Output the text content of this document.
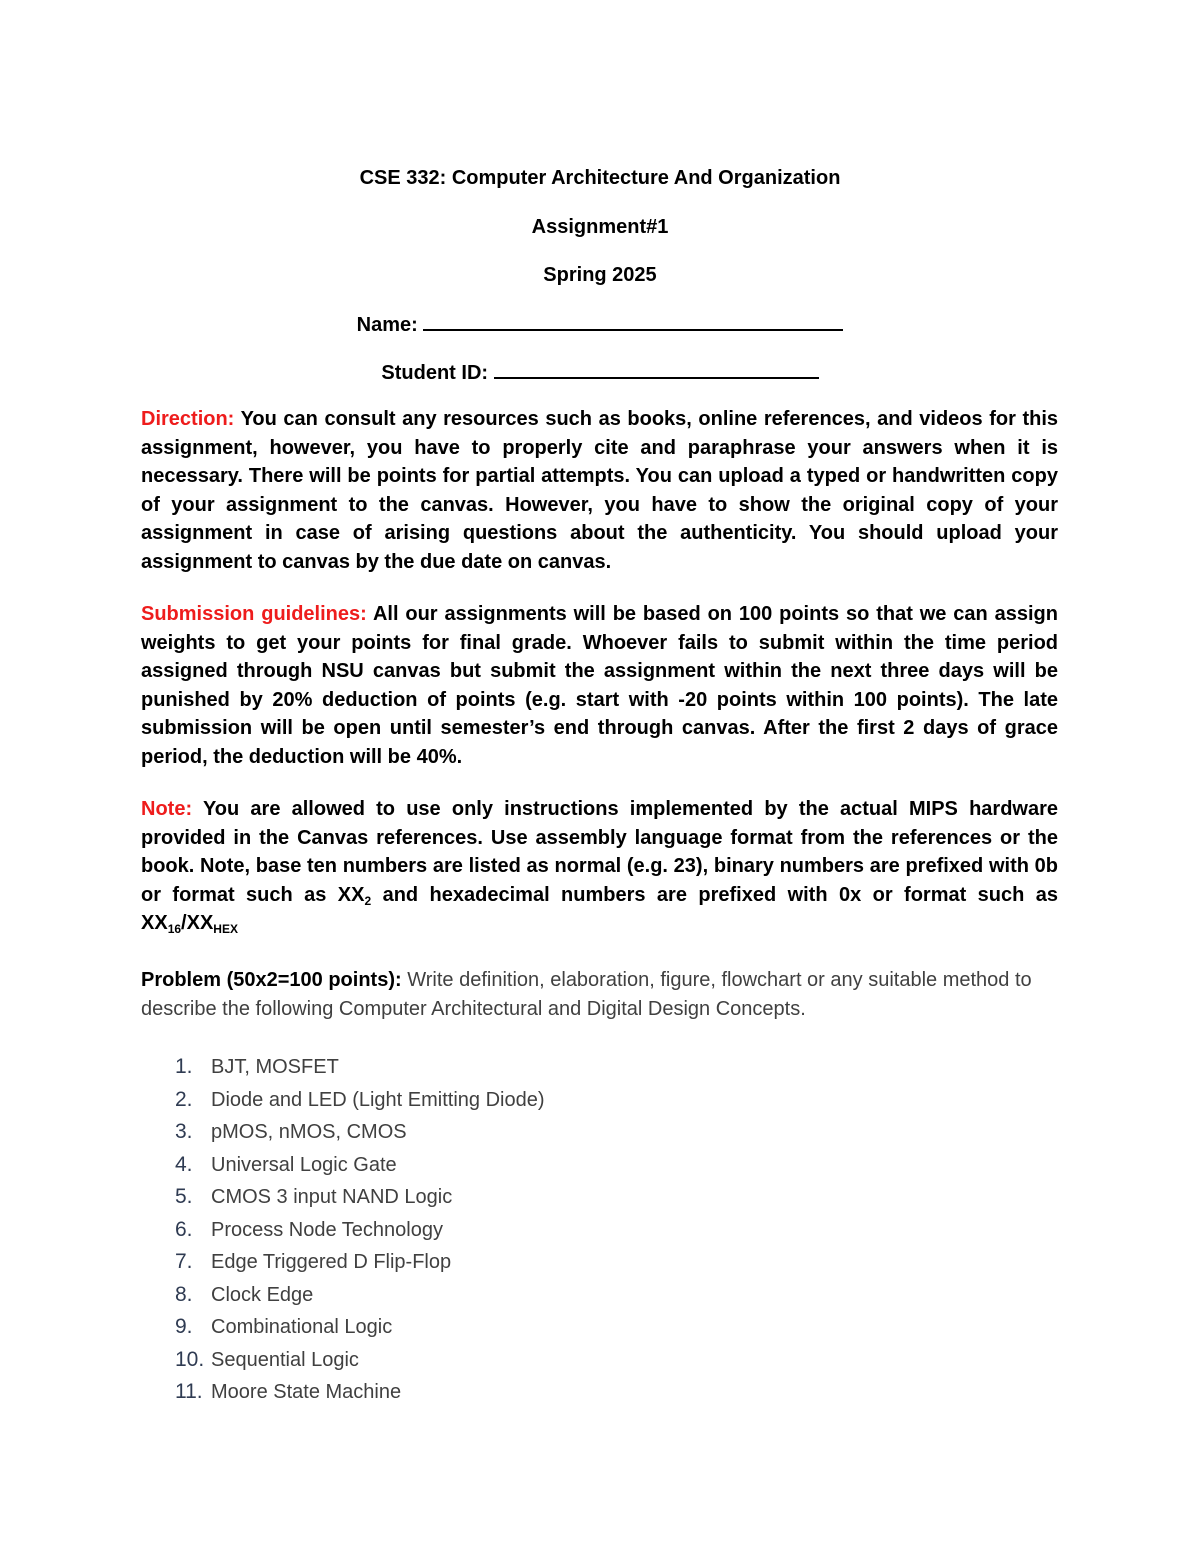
CSE 332: Computer Architecture And Organization
Assignment#1
Spring 2025
Name:
Student ID:
Direction: You can consult any resources such as books, online references, and videos for this assignment, however, you have to properly cite and paraphrase your answers when it is necessary. There will be points for partial attempts. You can upload a typed or handwritten copy of your assignment to the canvas. However, you have to show the original copy of your assignment in case of arising questions about the authenticity. You should upload your assignment to canvas by the due date on canvas.
Submission guidelines: All our assignments will be based on 100 points so that we can assign weights to get your points for final grade. Whoever fails to submit within the time period assigned through NSU canvas but submit the assignment within the next three days will be punished by 20% deduction of points (e.g. start with -20 points within 100 points). The late submission will be open until semester’s end through canvas. After the first 2 days of grace period, the deduction will be 40%.
Note: You are allowed to use only instructions implemented by the actual MIPS hardware provided in the Canvas references. Use assembly language format from the references or the book. Note, base ten numbers are listed as normal (e.g. 23), binary numbers are prefixed with 0b or format such as $XX_2$ and hexadecimal numbers are prefixed with 0x or format such as $XX_{16}/XX_{HEX}$
Problem (50x2=100 points): Write definition, elaboration, figure, flowchart or any suitable method to describe the following Computer Architectural and Digital Design Concepts.
1. BJT, MOSFET
2. Diode and LED (Light Emitting Diode)
3. pMOS, nMOS, CMOS
4. Universal Logic Gate
5. CMOS 3 input NAND Logic
6. Process Node Technology
7. Edge Triggered D Flip-Flop
8. Clock Edge
9. Combinational Logic
10. Sequential Logic
11. Moore State Machine
